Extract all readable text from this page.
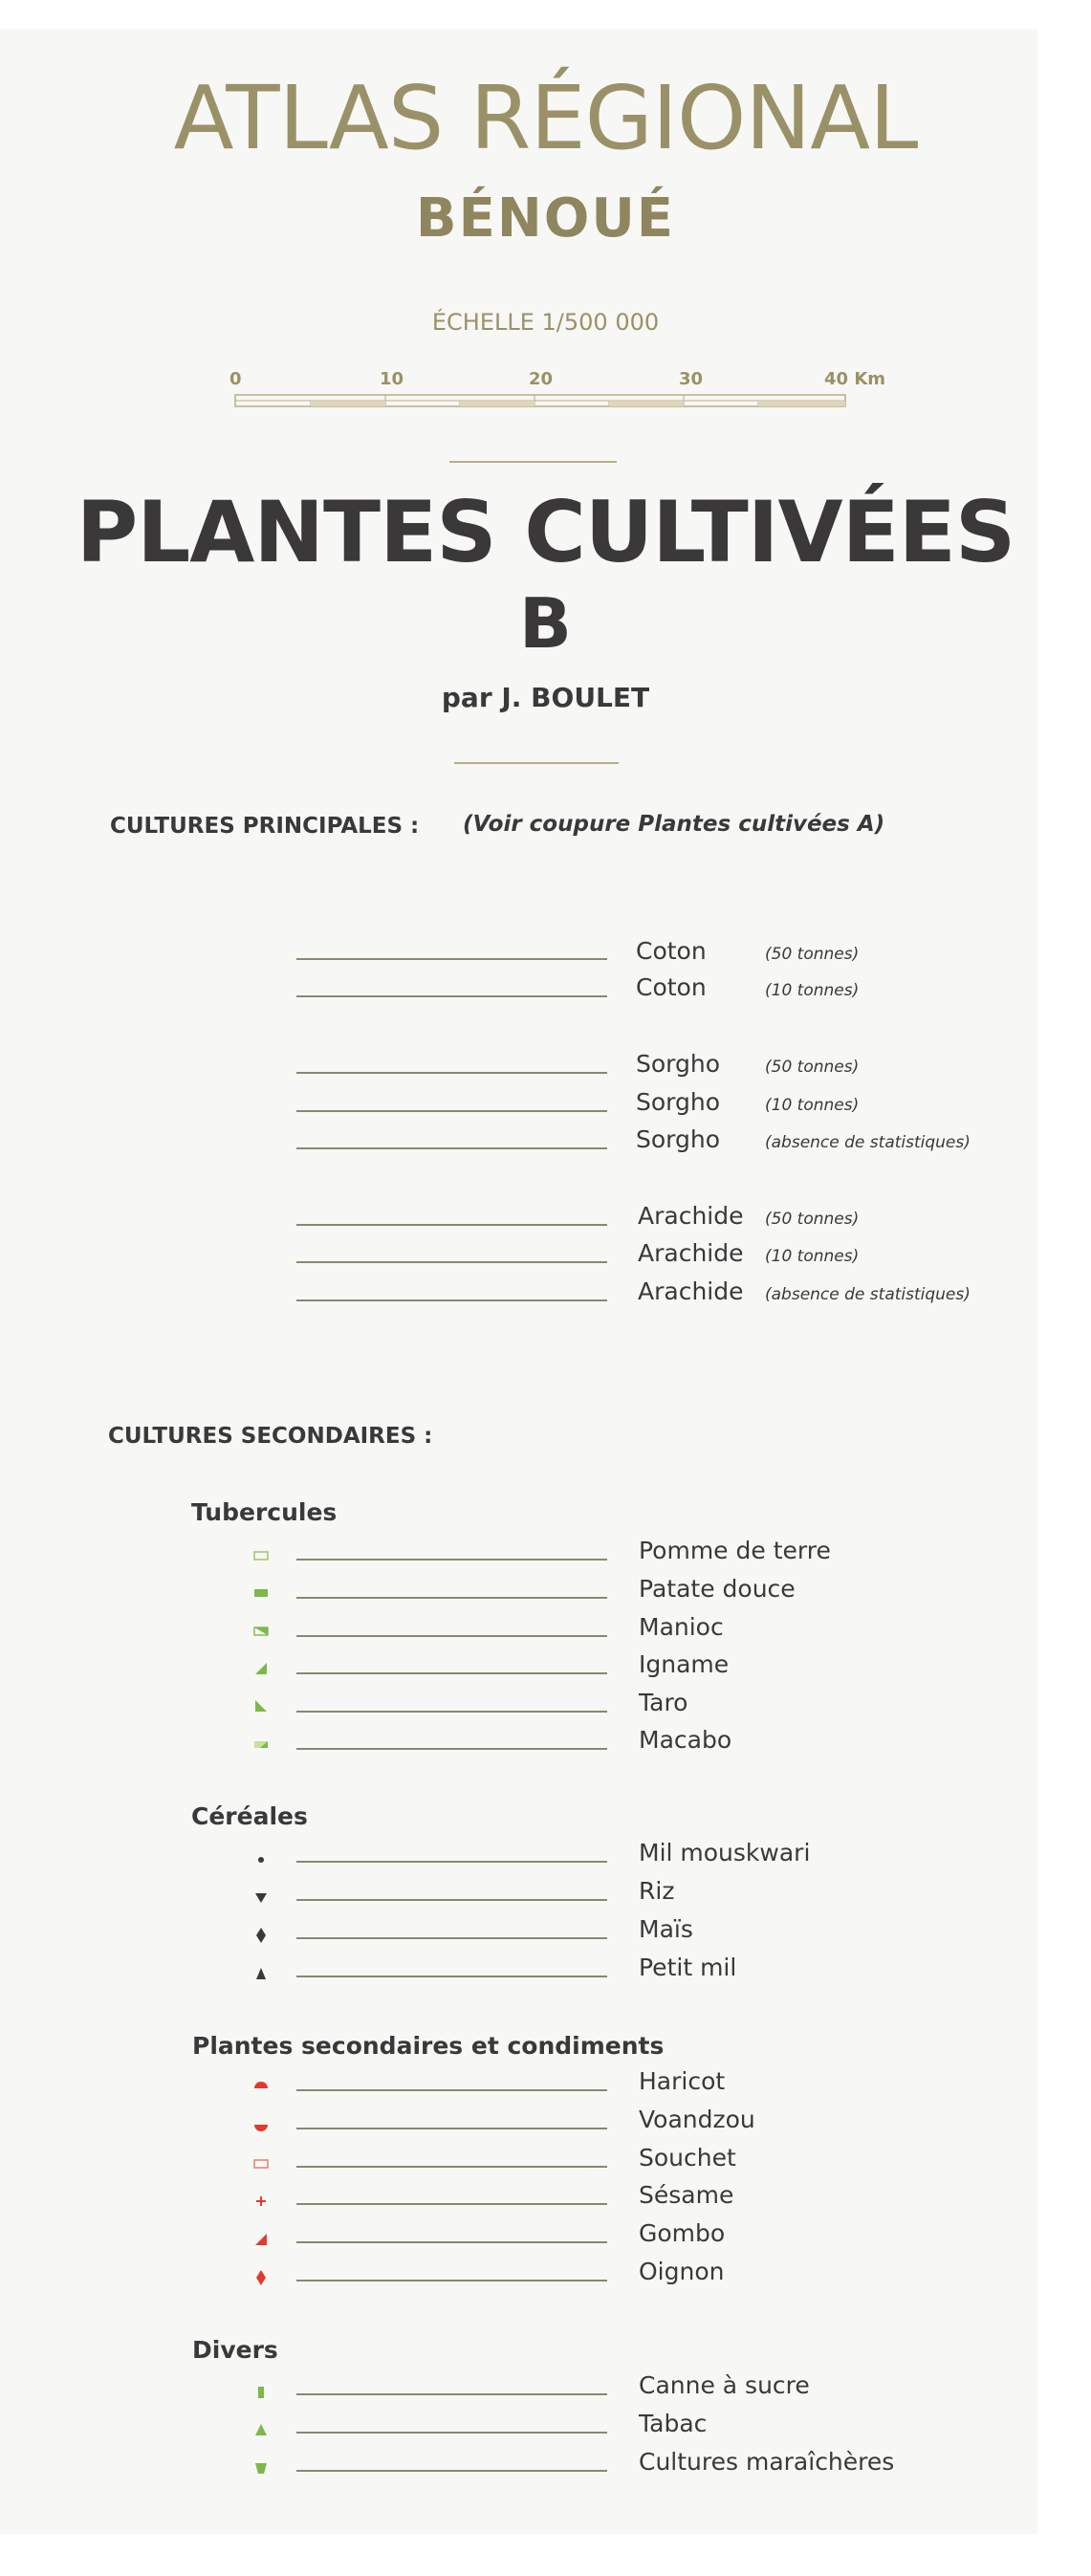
ATLAS RÉGIONAL
BÉNOUÉ
ÉCHELLE 1/500 000
0	10	20	30	40 Km
PLANTES CULTIVÉES
B
par J. BOULET
CULTURES PRINCIPALES : (Voir coupure Plantes cultivées A)
Coton	(50 tonnes)
Coton	(10 tonnes)
Sorgho	(50 tonnes)
Sorgho	(10 tonnes)
Sorgho	(absence de statistiques)
Arachide (50 tonnes)
Arachide (10 tonnes)
Arachide (absence de statistiques)
CULTURES SECONDAIRES :
Tubercules
Pomme de terre
Patate douce
Manioc
Igname
Taro
Macabo
Céréales
Mil mouskwari
Riz
Maïs
Petit mil
Plantes secondaires et condiments
Haricot
Voandzou
Souchet
Sésame
Gombo
Oignon
Divers
Canne à sucre
Tabac
Cultures maraîchères
